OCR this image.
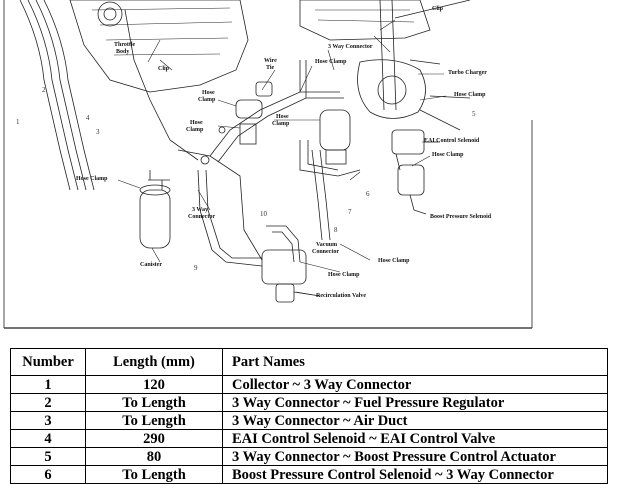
Clip
Throttle
Body
Clip
Wire
Tie
3 Way Connector
Hose Clamp
Turbo Charger
Hose Clamp
Hose
Clamp
Hose
Clamp
Hose
Clamp
EAI Control Selenoid
Hose Clamp
Hose Clamp
3 Way
Connector	Boost Pressure Selenoid
Canister
Vacuum
Connector
Hose Clamp
Hose Clamp
Recirculation Valve
1
2
3
4	5
6
7
8
9
10
Number	Length (mm)	Part Names
1	120	Collector ~ 3 Way Connector
2	To Length	3 Way Connector ~ Fuel Pressure Regulator
3	To Length	3 Way Connector ~ Air Duct
4	290	EAI Control Selenoid ~ EAI Control Valve
5	80	3 Way Connector ~ Boost Pressure Control Actuator
6	To Length	Boost Pressure Control Selenoid ~ 3 Way Connector
